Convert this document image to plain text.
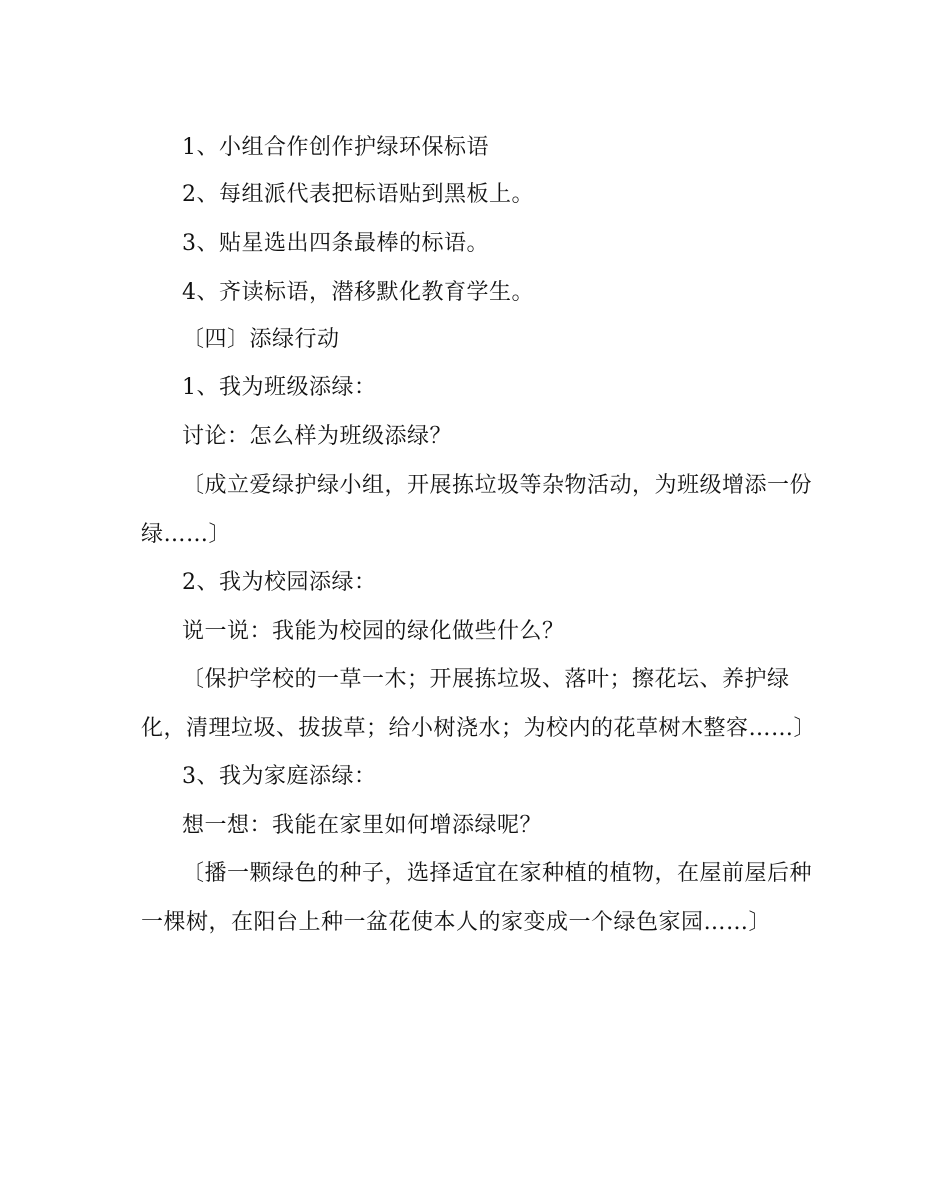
1、小组合作创作护绿环保标语
2、每组派代表把标语贴到黑板上。
3、贴星选出四条最棒的标语。
4、齐读标语，潜移默化教育学生。
〔四〕添绿行动
1、我为班级添绿：
讨论：怎么样为班级添绿？
〔成立爱绿护绿小组，开展拣垃圾等杂物活动，为班级增添一份
绿……〕
2、我为校园添绿：
说一说：我能为校园的绿化做些什么？
〔保护学校的一草一木；开展拣垃圾、落叶；擦花坛、养护绿
化，清理垃圾、拔拔草；给小树浇水；为校内的花草树木整容……〕
3、我为家庭添绿：
想一想：我能在家里如何增添绿呢？
〔播一颗绿色的种子，选择适宜在家种植的植物，在屋前屋后种
一棵树，在阳台上种一盆花使本人的家变成一个绿色家园……〕
